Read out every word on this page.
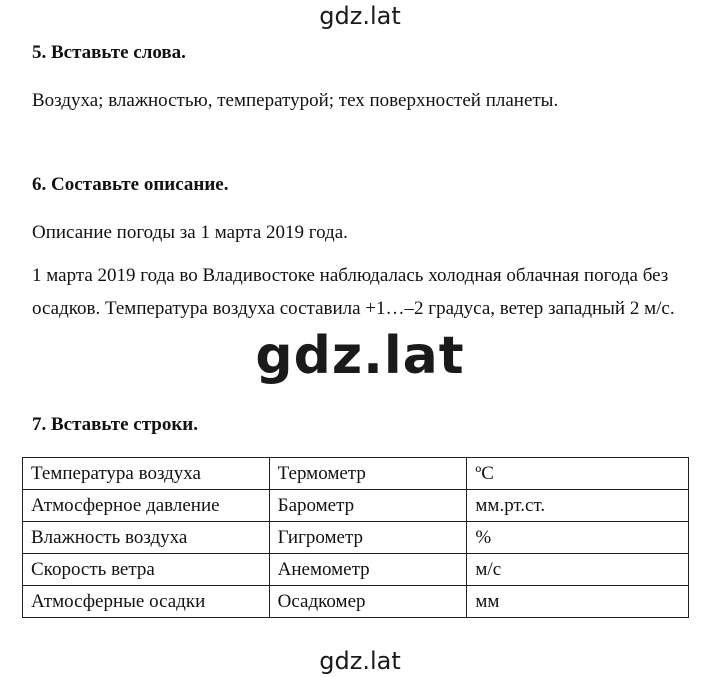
gdz.lat
5. Вставьте слова.
Воздуха; влажностью, температурой; тех поверхностей планеты.
6. Составьте описание.
Описание погоды за 1 марта 2019 года.
1 марта 2019 года во Владивостоке наблюдалась холодная облачная погода без осадков. Температура воздуха составила +1…–2 градуса, ветер западный 2 м/с.
gdz.lat
7. Вставьте строки.
Температура воздуха	Термометр	ºС
Атмосферное давление	Барометр	мм.рт.ст.
Влажность воздуха	Гигрометр	%
Скорость ветра	Анемометр	м/с
Атмосферные осадки	Осадкомер	мм
gdz.lat
